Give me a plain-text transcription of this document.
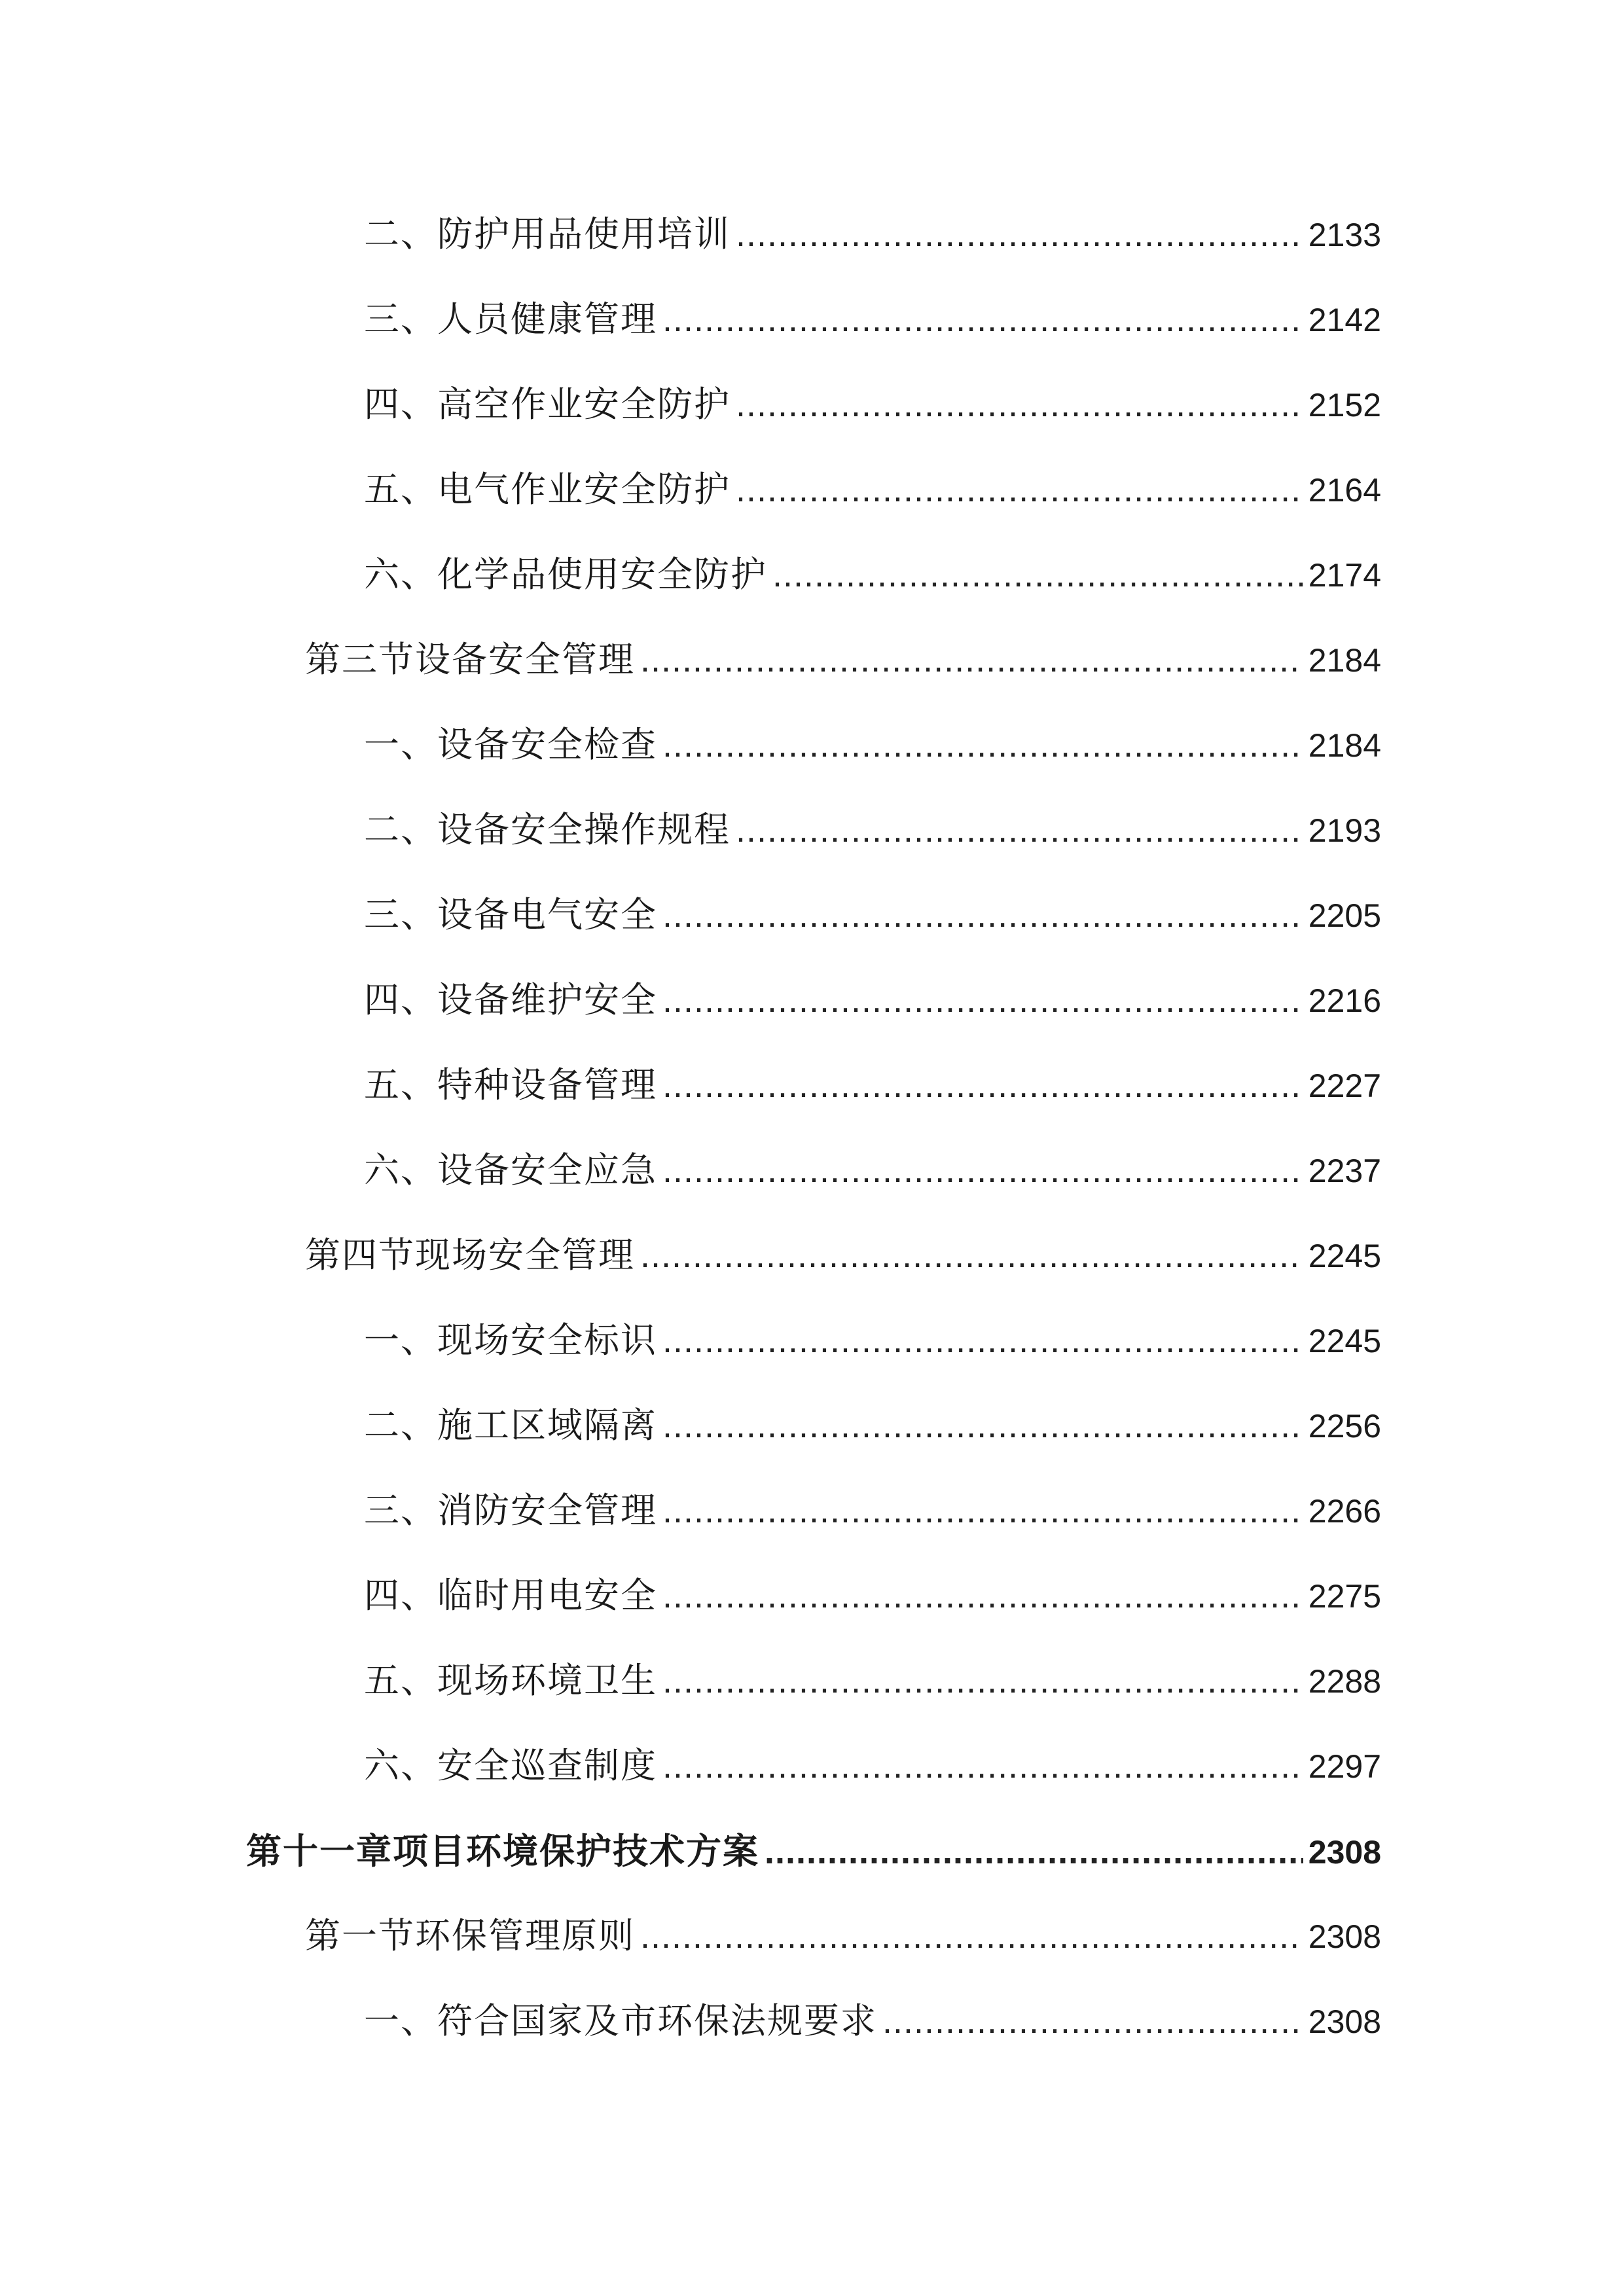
二、防护用品使用培训 .....	2133
三、人员健康管理 .....	2142
四、高空作业安全防护 .....	2152
五、电气作业安全防护 .....	2164
六、化学品使用安全防护 .....	2174
第三节设备安全管理 .....	2184
一、设备安全检查 .....	2184
二、设备安全操作规程 .....	2193
三、设备电气安全 .....	2205
四、设备维护安全 .....	2216
五、特种设备管理 .....	2227
六、设备安全应急 .....	2237
第四节现场安全管理 .....	2245
一、现场安全标识 .....	2245
二、施工区域隔离 .....	2256
三、消防安全管理 .....	2266
四、临时用电安全 .....	2275
五、现场环境卫生 .....	2288
六、安全巡查制度 .....	2297
第十一章项目环境保护技术方案 .....	2308
第一节环保管理原则 .....	2308
一、符合国家及市环保法规要求 .....	2308
